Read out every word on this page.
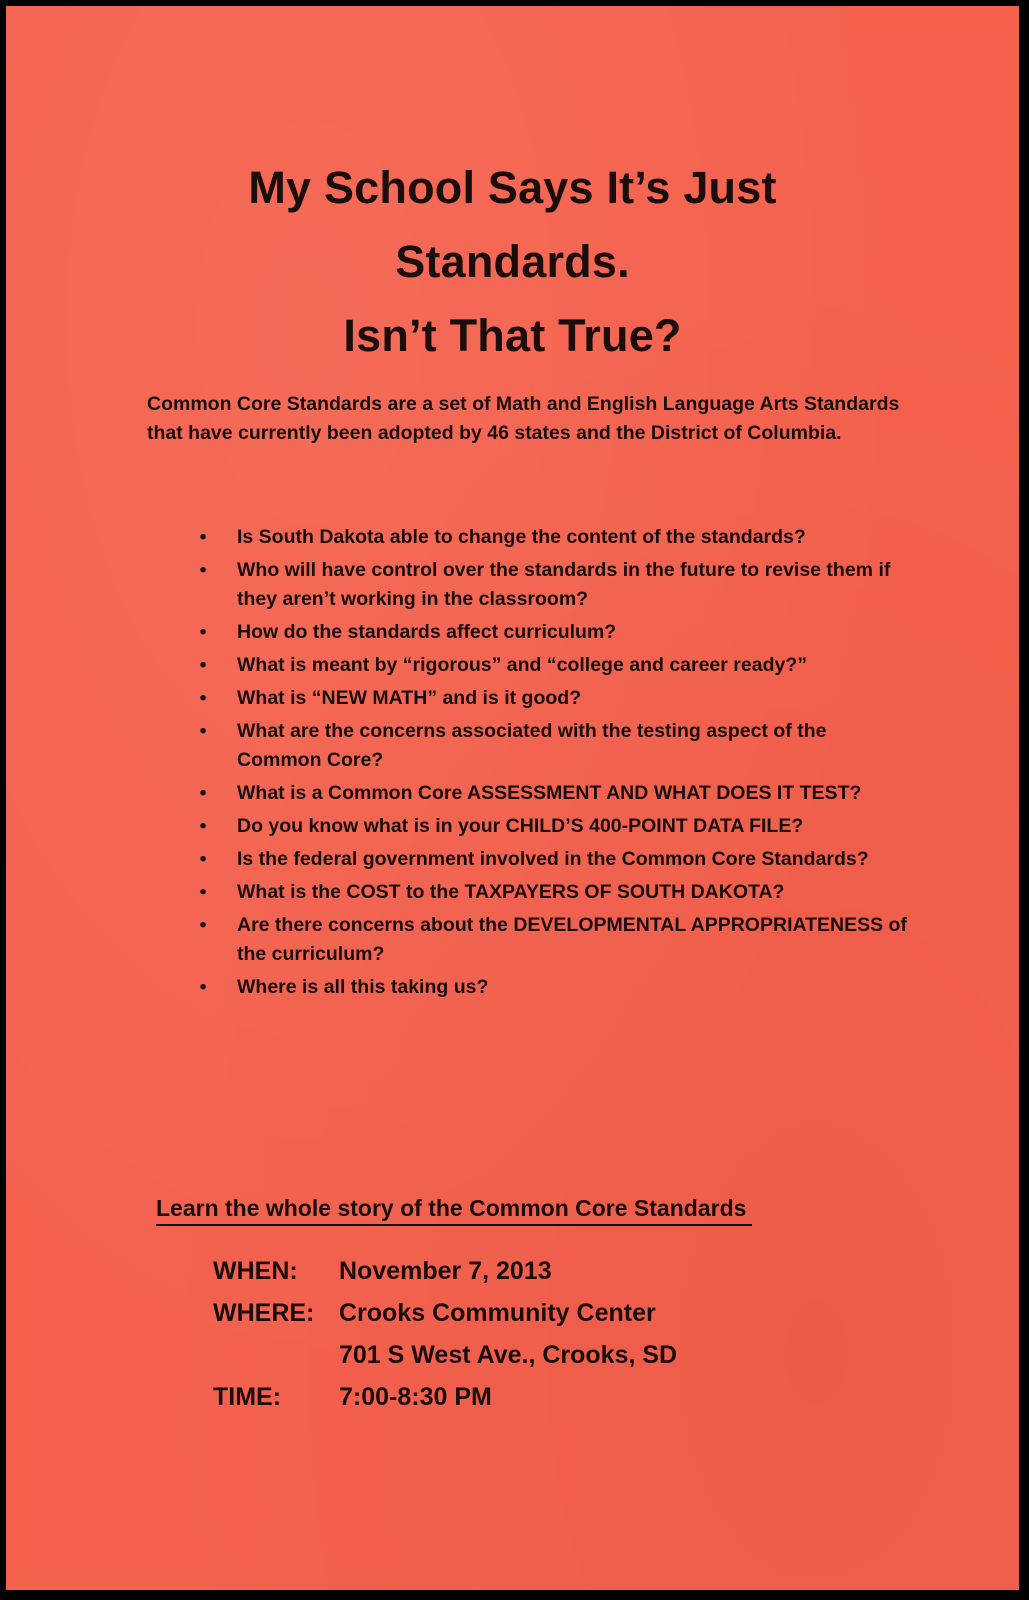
My School Says It’s Just
Standards.
Isn’t That True?

Common Core Standards are a set of Math and English Language Arts Standards that have currently been adopted by 46 states and the District of Columbia.

•	Is South Dakota able to change the content of the standards?
•	Who will have control over the standards in the future to revise them if they aren’t working in the classroom?
•	How do the standards affect curriculum?
•	What is meant by “rigorous” and “college and career ready?”
•	What is “NEW MATH” and is it good?
•	What are the concerns associated with the testing aspect of the Common Core?
•	What is a Common Core ASSESSMENT AND WHAT DOES IT TEST?
•	Do you know what is in your CHILD’S 400-POINT DATA FILE?
•	Is the federal government involved in the Common Core Standards?
•	What is the COST to the TAXPAYERS OF SOUTH DAKOTA?
•	Are there concerns about the DEVELOPMENTAL APPROPRIATENESS of the curriculum?
•	Where is all this taking us?

Learn the whole story of the Common Core Standards

WHEN: November 7, 2013
WHERE: Crooks Community Center
701 S West Ave., Crooks, SD
TIME: 7:00-8:30 PM
